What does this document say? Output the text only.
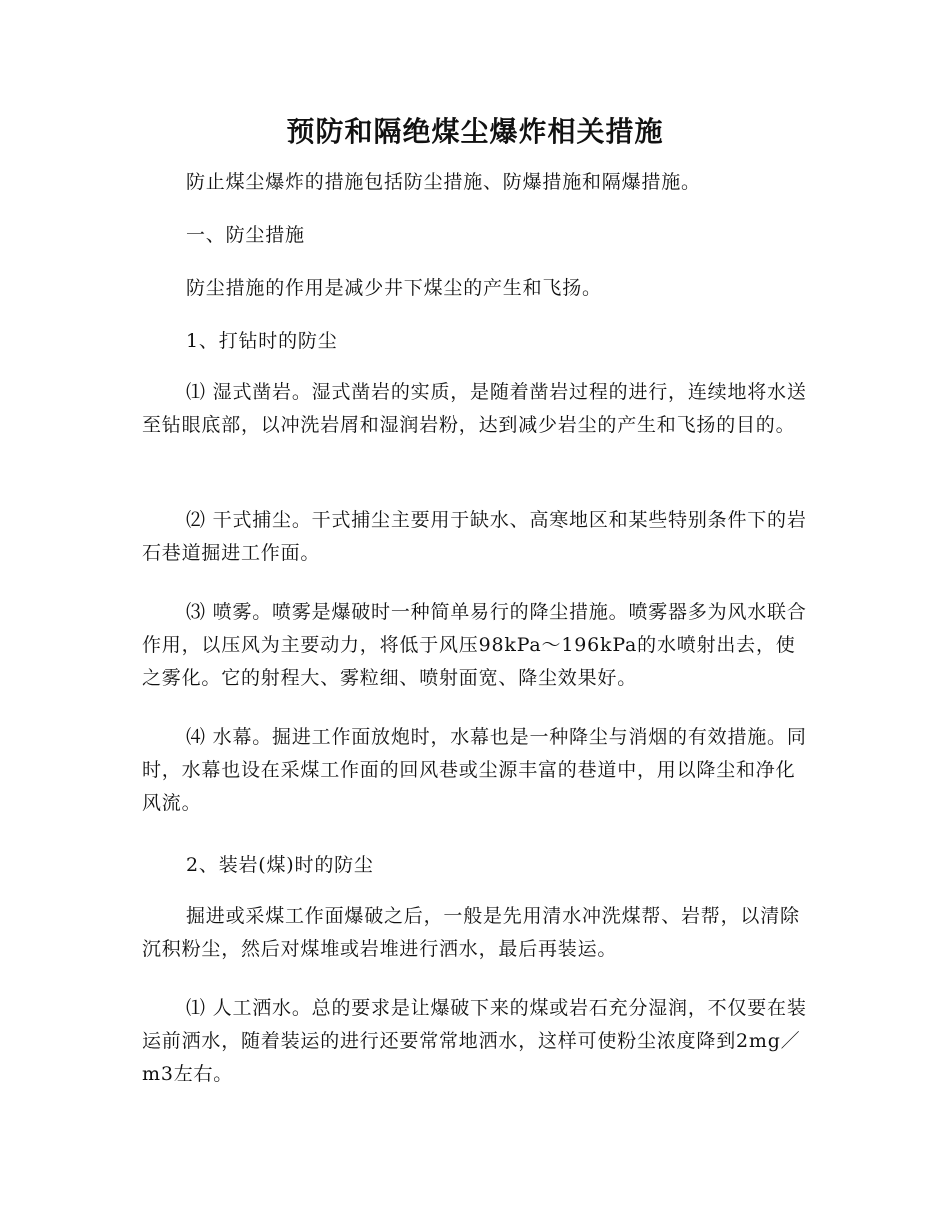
预防和隔绝煤尘爆炸相关措施

防止煤尘爆炸的措施包括防尘措施、防爆措施和隔爆措施。

一、防尘措施

防尘措施的作用是减少井下煤尘的产生和飞扬。

1、打钻时的防尘

⑴ 湿式凿岩。湿式凿岩的实质，是随着凿岩过程的进行，连续地将水送至钻眼底部，以冲洗岩屑和湿润岩粉，达到减少岩尘的产生和飞扬的目的。

⑵ 干式捕尘。干式捕尘主要用于缺水、高寒地区和某些特别条件下的岩石巷道掘进工作面。

⑶ 喷雾。喷雾是爆破时一种简单易行的降尘措施。喷雾器多为风水联合作用，以压风为主要动力，将低于风压98kPa～196kPa的水喷射出去，使之雾化。它的射程大、雾粒细、喷射面宽、降尘效果好。

⑷ 水幕。掘进工作面放炮时，水幕也是一种降尘与消烟的有效措施。同时，水幕也设在采煤工作面的回风巷或尘源丰富的巷道中，用以降尘和净化风流。

2、装岩(煤)时的防尘

掘进或采煤工作面爆破之后，一般是先用清水冲洗煤帮、岩帮，以清除沉积粉尘，然后对煤堆或岩堆进行洒水，最后再装运。

⑴ 人工洒水。总的要求是让爆破下来的煤或岩石充分湿润，不仅要在装运前洒水，随着装运的进行还要常常地洒水，这样可使粉尘浓度降到2mg／m3左右。
